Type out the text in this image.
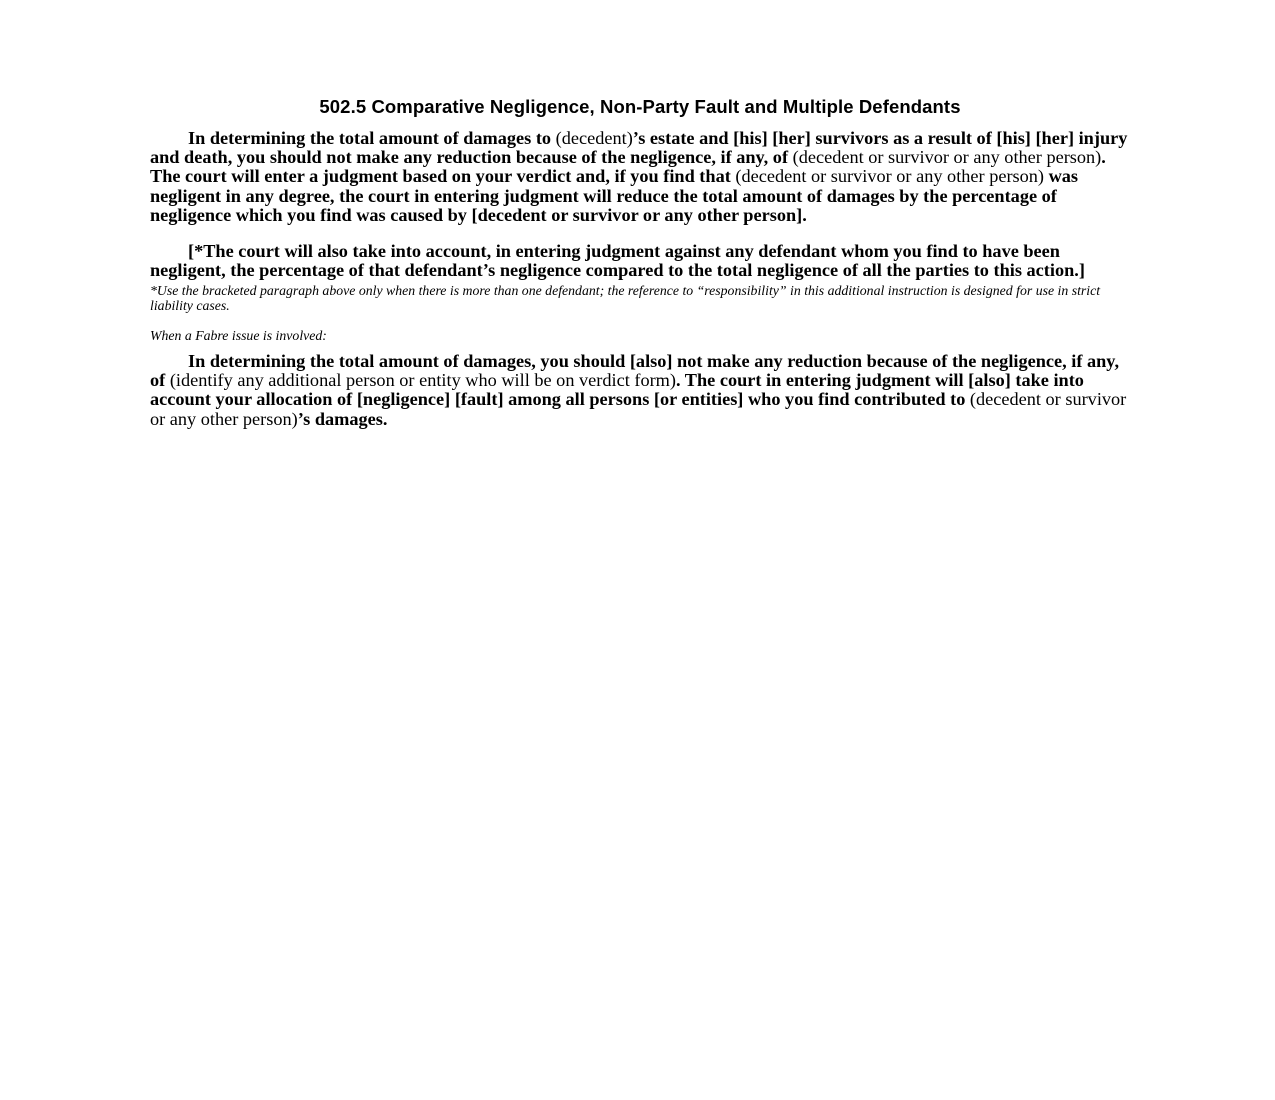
502.5 Comparative Negligence, Non-Party Fault and Multiple Defendants

In determining the total amount of damages to (decedent)’s estate and [his] [her] survivors as a result of [his] [her] injury and death, you should not make any reduction because of the negligence, if any, of (decedent or survivor or any other person). The court will enter a judgment based on your verdict and, if you find that (decedent or survivor or any other person) was negligent in any degree, the court in entering judgment will reduce the total amount of damages by the percentage of negligence which you find was caused by [decedent or survivor or any other person].

[*The court will also take into account, in entering judgment against any defendant whom you find to have been negligent, the percentage of that defendant’s negligence compared to the total negligence of all the parties to this action.]

*Use the bracketed paragraph above only when there is more than one defendant; the reference to “responsibility” in this additional instruction is designed for use in strict liability cases.

When a Fabre issue is involved:

In determining the total amount of damages, you should [also] not make any reduction because of the negligence, if any, of (identify any additional person or entity who will be on verdict form). The court in entering judgment will [also] take into account your allocation of [negligence] [fault] among all persons [or entities] who you find contributed to (decedent or survivor or any other person)’s damages.
